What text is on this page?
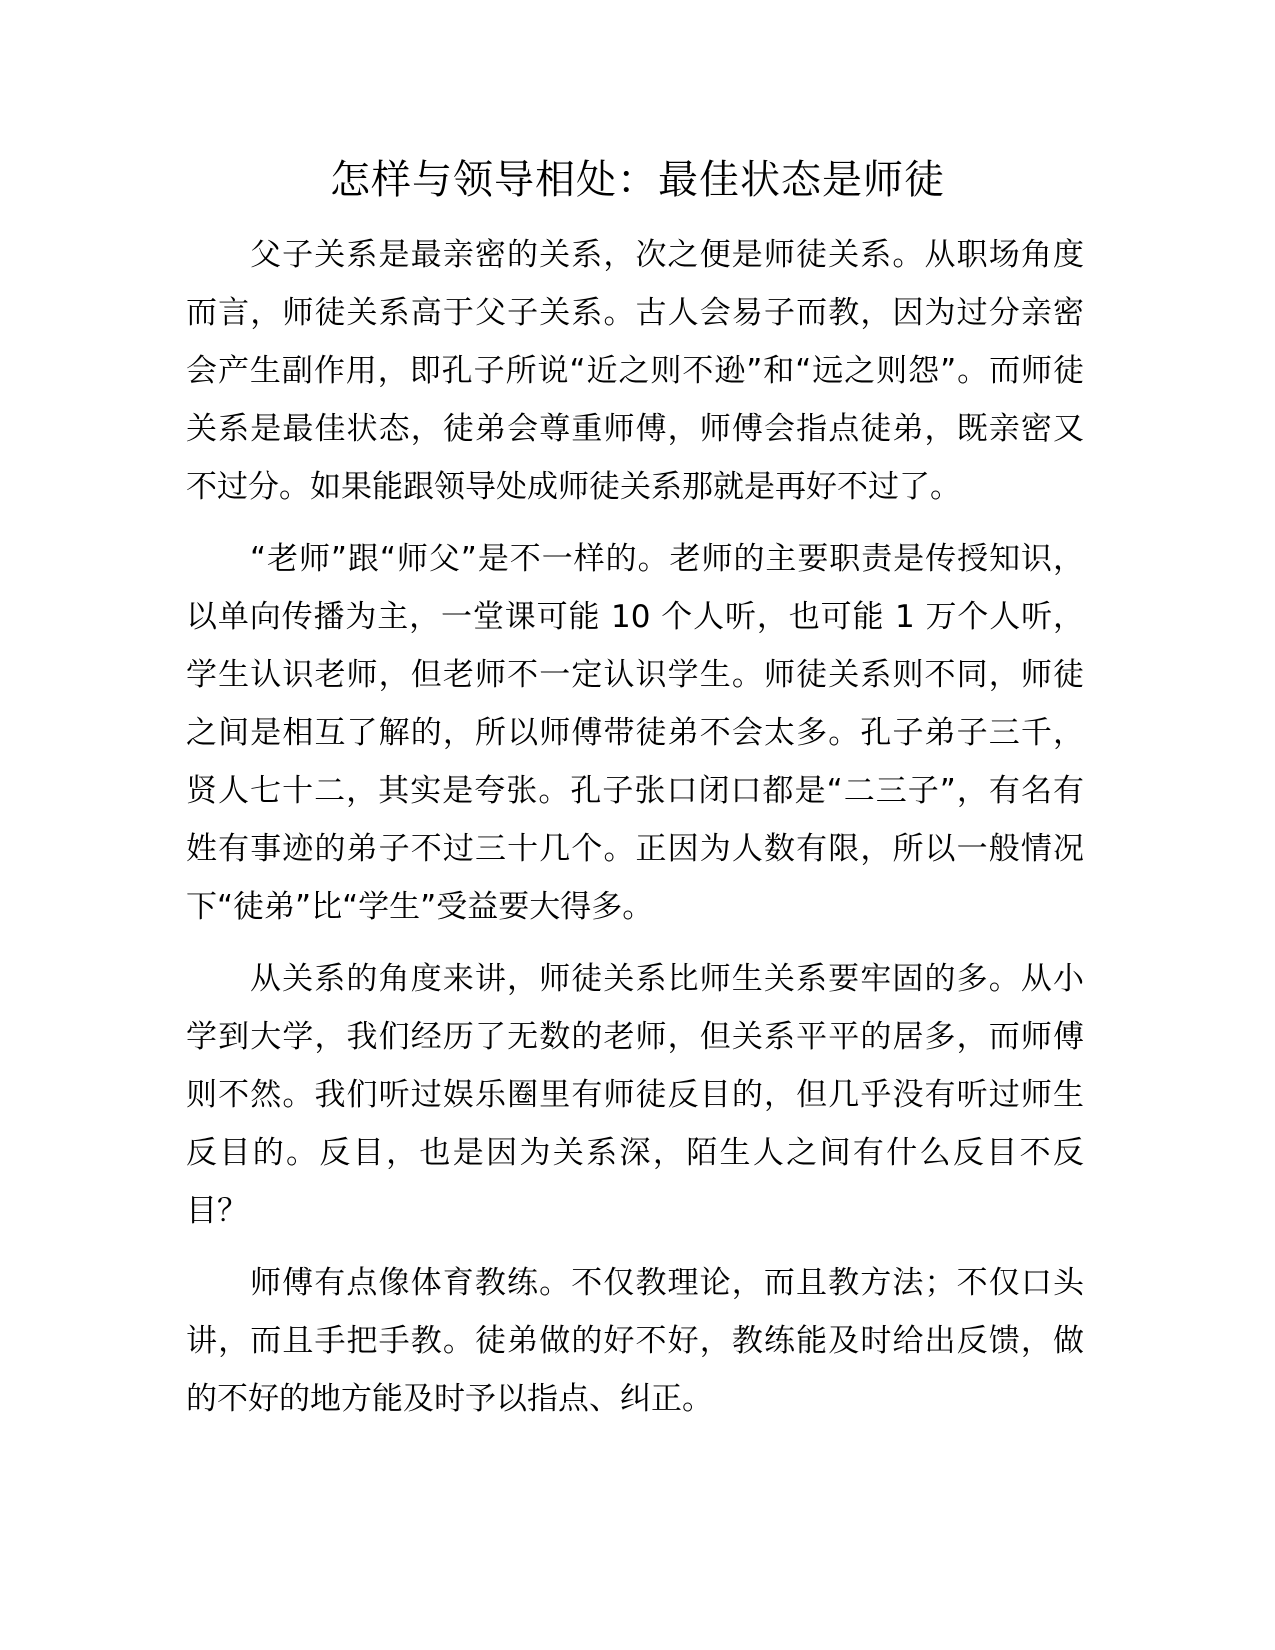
怎样与领导相处：最佳状态是师徒

父子关系是最亲密的关系，次之便是师徒关系。从职场角度而言，师徒关系高于父子关系。古人会易子而教，因为过分亲密会产生副作用，即孔子所说“近之则不逊”和“远之则怨”。而师徒关系是最佳状态，徒弟会尊重师傅，师傅会指点徒弟，既亲密又不过分。如果能跟领导处成师徒关系那就是再好不过了。

“老师”跟“师父”是不一样的。老师的主要职责是传授知识，以单向传播为主，一堂课可能 10 个人听，也可能 1 万个人听，学生认识老师，但老师不一定认识学生。师徒关系则不同，师徒之间是相互了解的，所以师傅带徒弟不会太多。孔子弟子三千，贤人七十二，其实是夸张。孔子张口闭口都是“二三子”，有名有姓有事迹的弟子不过三十几个。正因为人数有限，所以一般情况下“徒弟”比“学生”受益要大得多。

从关系的角度来讲，师徒关系比师生关系要牢固的多。从小学到大学，我们经历了无数的老师，但关系平平的居多，而师傅则不然。我们听过娱乐圈里有师徒反目的，但几乎没有听过师生反目的。反目，也是因为关系深，陌生人之间有什么反目不反目？

师傅有点像体育教练。不仅教理论，而且教方法；不仅口头讲，而且手把手教。徒弟做的好不好，教练能及时给出反馈，做的不好的地方能及时予以指点、纠正。
